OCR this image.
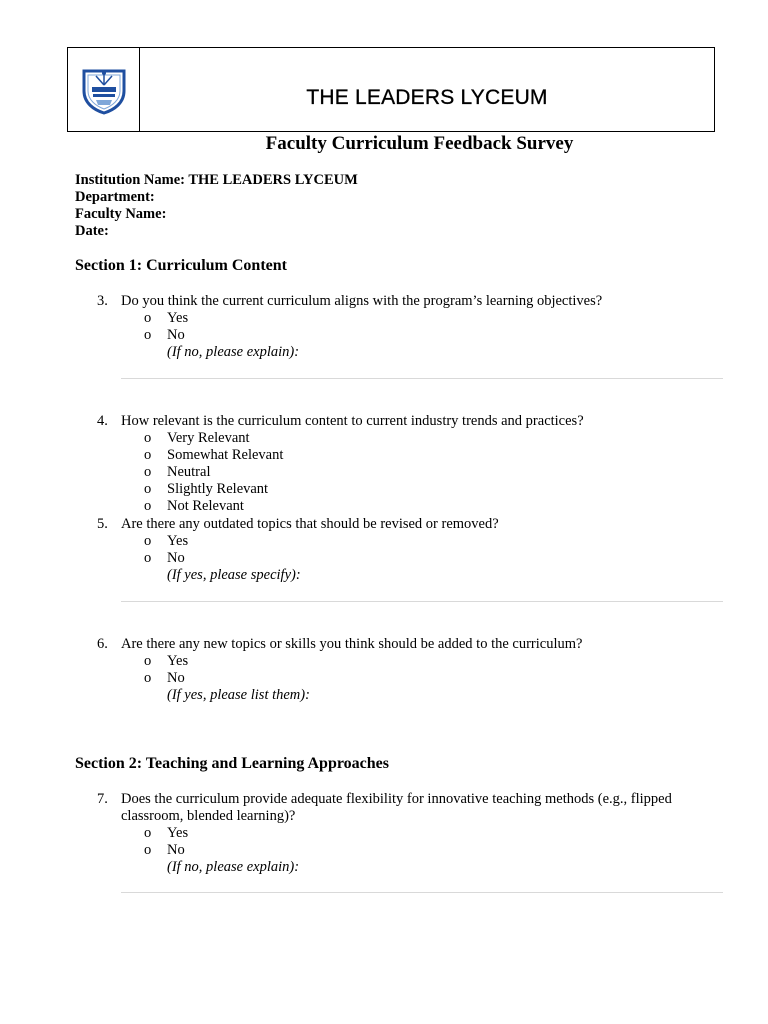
THE LEADERS LYCEUM
Faculty Curriculum Feedback Survey
Institution Name: THE LEADERS LYCEUM
Department:
Faculty Name:
Date:
Section 1: Curriculum Content
3. Do you think the current curriculum aligns with the program’s learning objectives?
o Yes
o No
(If no, please explain):
4. How relevant is the curriculum content to current industry trends and practices?
o Very Relevant
o Somewhat Relevant
o Neutral
o Slightly Relevant
o Not Relevant
5. Are there any outdated topics that should be revised or removed?
o Yes
o No
(If yes, please specify):
6. Are there any new topics or skills you think should be added to the curriculum?
o Yes
o No
(If yes, please list them):
Section 2: Teaching and Learning Approaches
7. Does the curriculum provide adequate flexibility for innovative teaching methods (e.g., flipped classroom, blended learning)?
o Yes
o No
(If no, please explain):
